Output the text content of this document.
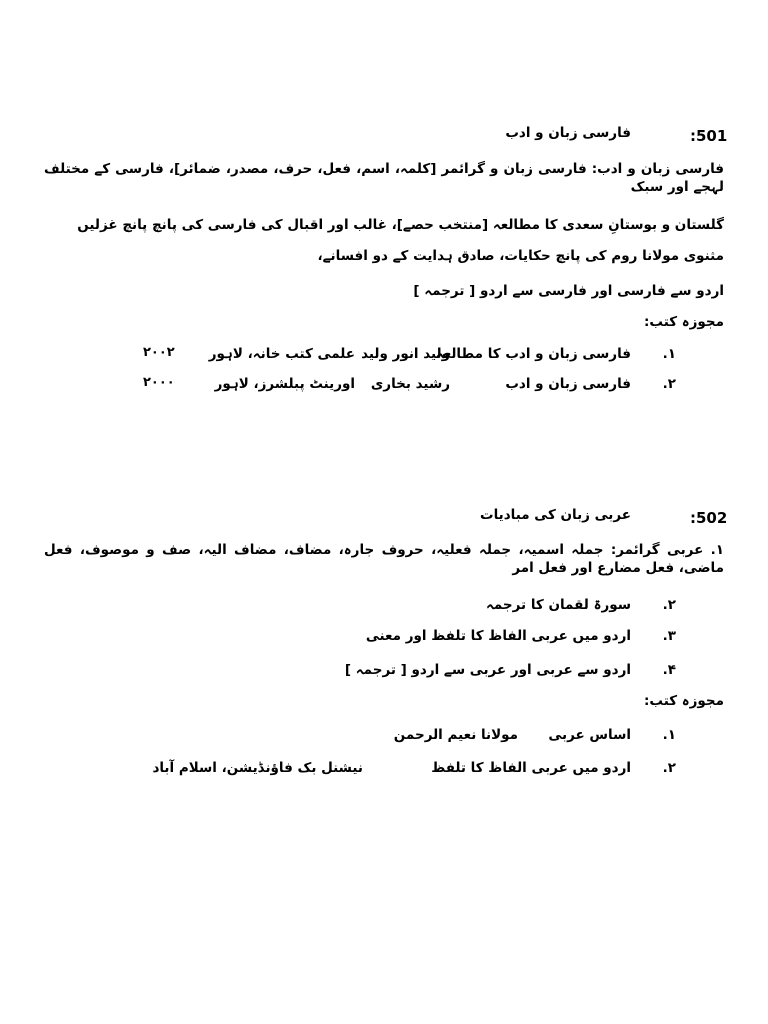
:501
فارسی زبان و ادب
فارسی زبان و ادب: فارسی زبان و گرائمر [کلمہ، اسم، فعل، حرف، مصدر، ضمائر]، فارسی کے مختلف لہجے اور سبک
گلستان و بوستانِ سعدی کا مطالعہ [منتخب حصے]، غالب اور اقبال کی فارسی کی پانچ پانچ غزلیں
مثنوی مولانا روم کی پانچ حکایات، صادق ہدایت کے دو افسانے،
اردو سے فارسی اور فارسی سے اردو [ ترجمہ ]
مجوزہ کتب:
۱.
فارسی زبان و ادب کا مطالعہ
ولید انور ولید
علمی کتب خانہ، لاہور
۲۰۰۲
۲.
فارسی زبان و ادب
رشید بخاری
اورینٹ پبلشرز، لاہور
۲۰۰۰
:502
عربی زبان کی مبادیات
۱. عربی گرائمر: جملہ اسمیہ، جملہ فعلیہ، حروف جارہ، مضاف، مضاف الیہ، صف و موصوف، فعل ماضی، فعل مضارع اور فعل امر
۲.
سورۃ لقمان کا ترجمہ
۳.
اردو میں عربی الفاظ کا تلفظ اور معنی
۴.
اردو سے عربی اور عربی سے اردو [ ترجمہ ]
مجوزہ کتب:
۱.
اساس عربی
مولانا نعیم الرحمن
۲.
اردو میں عربی الفاظ کا تلفظ
نیشنل بک فاؤنڈیشن، اسلام آباد
